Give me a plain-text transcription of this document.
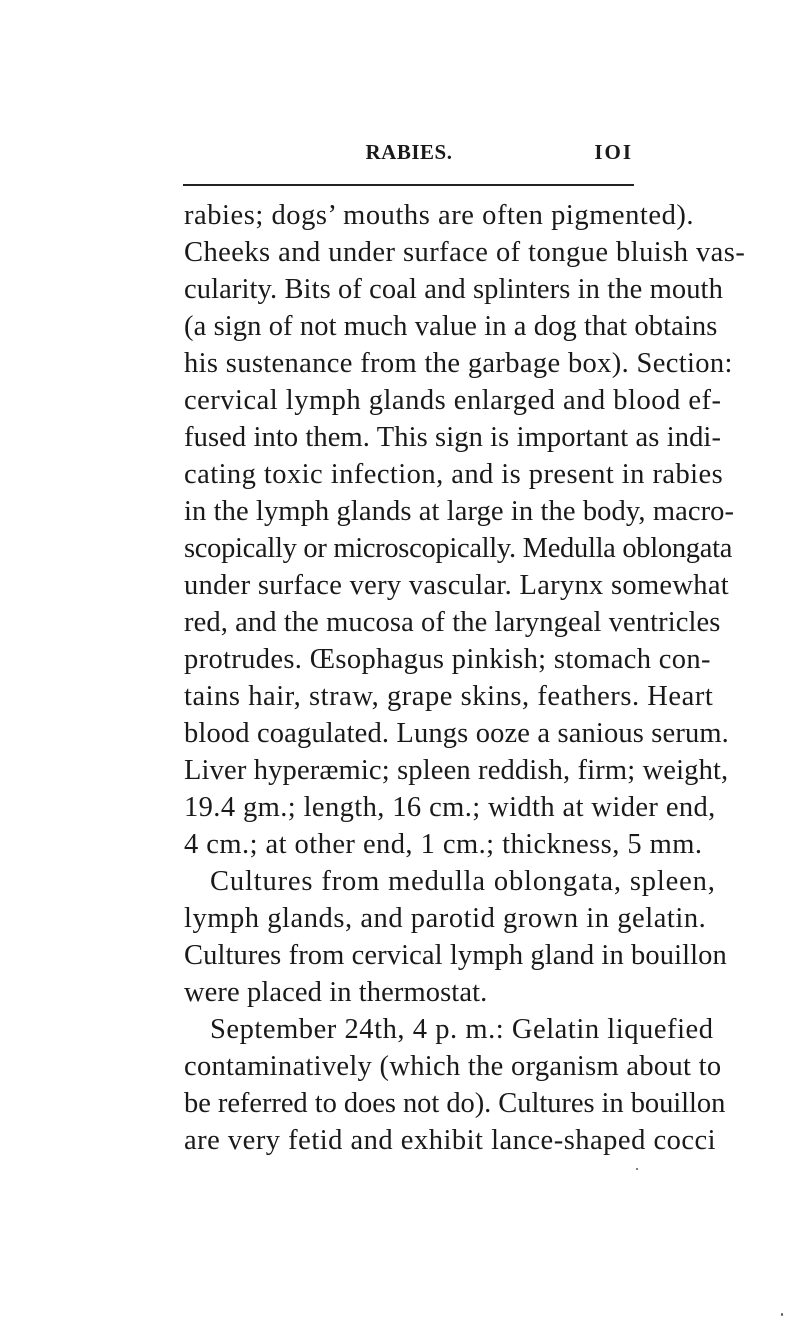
RABIES.	IOI
rabies; dogs’ mouths are often pigmented).
Cheeks and under surface of tongue bluish vas-
cularity. Bits of coal and splinters in the mouth
(a sign of not much value in a dog that obtains
his sustenance from the garbage box). Section:
cervical lymph glands enlarged and blood ef-
fused into them. This sign is important as indi-
cating toxic infection, and is present in rabies
in the lymph glands at large in the body, macro-
scopically or microscopically. Medulla oblongata
under surface very vascular. Larynx somewhat
red, and the mucosa of the laryngeal ventricles
protrudes. Œsophagus pinkish; stomach con-
tains hair, straw, grape skins, feathers. Heart
blood coagulated. Lungs ooze a sanious serum.
Liver hyperæmic; spleen reddish, firm; weight,
19.4 gm.; length, 16 cm.; width at wider end,
4 cm.; at other end, 1 cm.; thickness, 5 mm.
Cultures from medulla oblongata, spleen,
lymph glands, and parotid grown in gelatin.
Cultures from cervical lymph gland in bouillon
were placed in thermostat.
September 24th, 4 p. m.: Gelatin liquefied
contaminatively (which the organism about to
be referred to does not do). Cultures in bouillon
are very fetid and exhibit lance-shaped cocci
